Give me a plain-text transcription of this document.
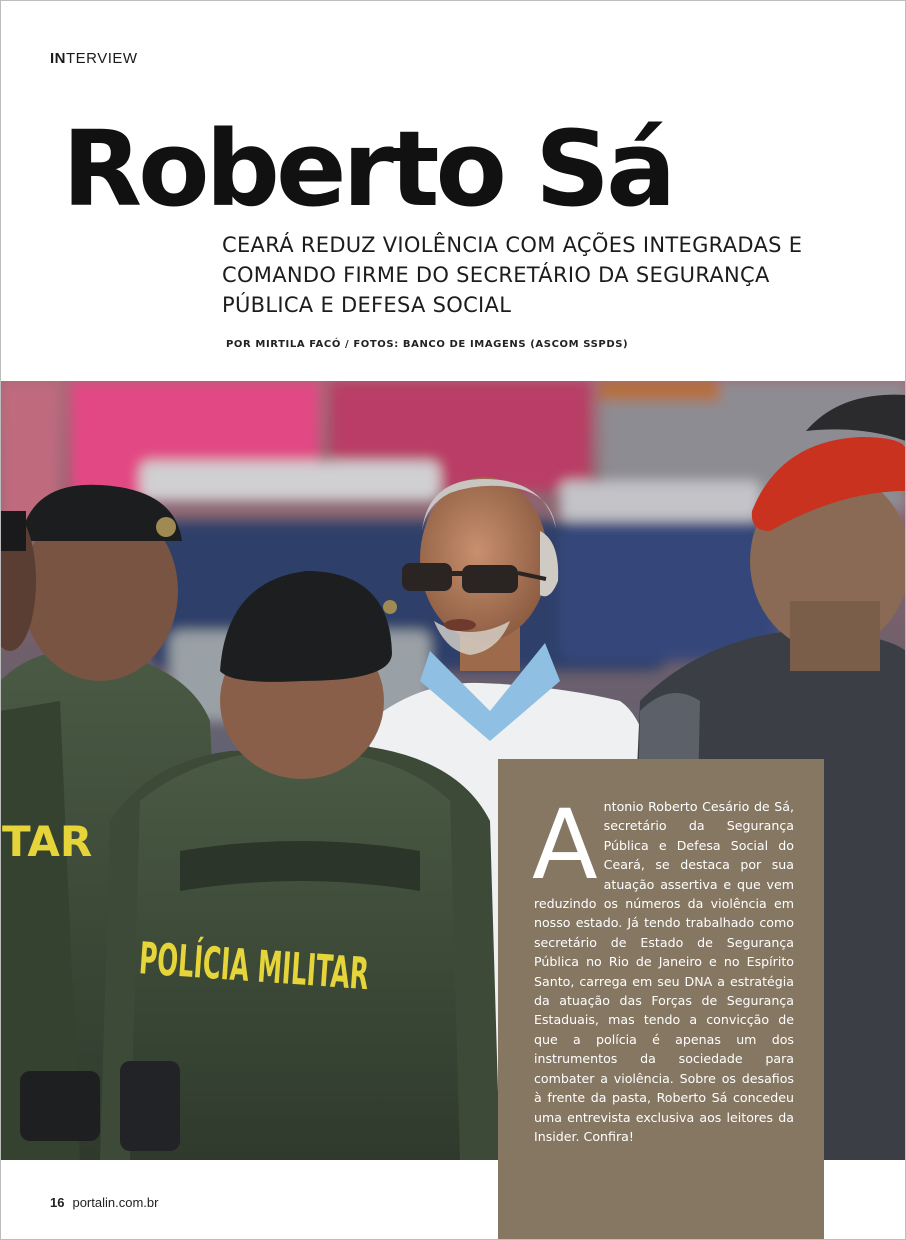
INTERVIEW
Roberto Sá
CEARÁ REDUZ VIOLÊNCIA COM AÇÕES INTEGRADAS E COMANDO FIRME DO SECRETÁRIO DA SEGURANÇA PÚBLICA E DEFESA SOCIAL
POR MIRTILA FACÓ / FOTOS: BANCO DE IMAGENS (ASCOM SSPDS)
TAR
POLÍCIA MILITAR
A ntonio Roberto Cesário de Sá, secretário da Segurança Pública e Defesa Social do Ceará, se destaca por sua atuação assertiva e que vem reduzindo os números da violência em nosso estado. Já tendo trabalhado como secretário de Estado de Segurança Pública no Rio de Janeiro e no Espírito Santo, carrega em seu DNA a estratégia da atuação das Forças de Segurança Estaduais, mas tendo a convicção de que a polícia é apenas um dos instrumentos da sociedade para combater a violência. Sobre os desafios à frente da pasta, Roberto Sá concedeu uma entrevista exclusiva aos leitores da Insider. Confira!

16 portalin.com.br
